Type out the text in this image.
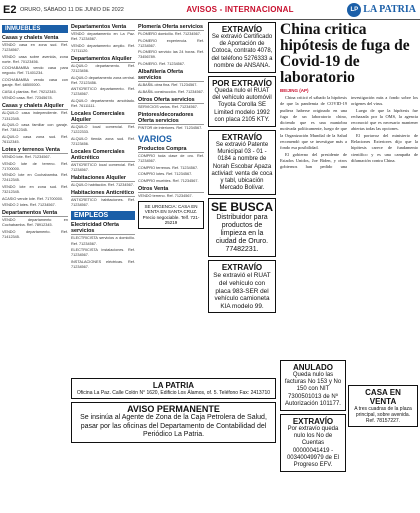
E2 ORURO, SÁBADO 11 DE JUNIO DE 2022	AVISOS - INTERNACIONAL	LP LA PATRIA
INMUEBLES
Casas y chalets Venta
VENDO casa en zona sud. Ref. 71234567.
VENDO casa sobre avenida, zona norte. Ref. 70123456.
COCHABAMBA vendo casa para negocio. Ref. 71401234.
COCHABAMBA vendo casa con garaje. Ref. 68500000.
CASA 4 plantas. Ref. 79212345.
VENDO casa. Ref. 72345678.
Casas y chalets Alquiler
ALQUILO casa independiente. Ref. 71312345.
ALQUILO casa familiar con garaje. Ref. 73812345.
ALQUILO casa zona sud. Ref. 76112345.
Lotes y terrenos Venta
VENDO lote. Ref. 71234567.
VENDO lote de terreno. Ref. 71700000.
VENDO lote en Cochabamba. Ref. 72412345.
VENDO lote en zona sud. Ref. 73212345.
ACASIO vende lote. Ref. 71700000.
VENDO 2 lotes. Ref. 71234567.
Departamentos Venta
VENDO departamento en Cochabamba. Ref. 78912345.
VENDO departamento. Ref. 71412345.
Departamentos Venta
VENDO departamento en La Paz. Ref. 71234567.
VENDO departamento amplio. Ref. 71711120.
Departamentos Alquiler
ALQUILO departamento. Ref. 72123456.
ALQUILO departamento zona central. Ref. 72123456.
ANTICRETICO departamento. Ref. 71234567.
ALQUILO departamento amoblado. Ref. 76111111.
Locales Comerciales Alquiler
ALQUILO local comercial. Ref. 71222333.
ALQUILO tienda zona sud. Ref. 72123456.
Locales Comerciales Anticrético
ANTICRETICO local comercial. Ref. 71234567.
Habitaciones Alquiler
ALQUILO habitación. Ref. 71234567.
Habitaciones Anticrético
ANTICRETICO habitaciones. Ref. 71234567.
EMPLEOS
Electricidad Oferta servicios
ELECTRICISTA servicios a domicilio. Ref. 71234567.
ELECTRICISTA instalaciones. Ref. 71234567.
INSTALACIONES eléctricas. Ref. 71234567.
Plomería Oferta servicios
PLOMERO domicilio. Ref. 71234567.
PLOMERO experiencia. Ref. 71234567.
PLOMERO servicio las 24 horas. Ref. 73456789.
PLOMERO. Ref. 71234567.
Albañilería Oferta servicios
ALBAÑIL obra fina. Ref. 71234567.
ALBAÑIL construcción. Ref. 71234567.
Otros Oferta servicios
SERVICIOS varios. Ref. 71234567.
Pintores/decoradores Oferta servicios
PINTOR de interiores. Ref. 71234567.
VARIOS
Productos Compra
COMPRO toda clase de oro. Ref. 71234567.
COMPRO terrenos. Ref. 71234567.
COMPRO lotes. Ref. 71234567.
COMPRO muebles. Ref. 71234567.
Otros Venta
VENDO terreno. Ref. 71234567.
SE URGENCIA: CASA EN VENTA EN SANTA CRUZ. Precio negociable. Telf. 721-25219
EXTRAVÍO
Se extravió Certificado de Aportación de Cotoca, contrato 4078, del teléfono 5276333 a nombre de ANSANA.
POR EXTRAVÍO
Queda nulo el RUAT del vehículo automóvil Toyota Corolla SE Limited modelo 1992 con placa 2105 KTY.
EXTRAVÍO
Se extravió Patente Municipal 03 - 01 - 0184 a nombre de Norah Escobar Apaza activiad: venta de coca y tabl, ubicación Mercado Bolívar.
SE BUSCA
Distribuidor para productos de limpieza en la ciudad de Oruro. 77482231.
EXTRAVÍO
Se extravió el RUAT del vehículo con placa 983-SER del vehículo camioneta KIA modelo 99.
China critica hipótesis de fuga de Covid-19 de laboratorio
BEIJING (AP)

China criticó el sábado la hipótesis de que la pandemia de COVID-19 pudiera haberse originado en una fuga de un laboratorio chino, diciendo que es una maniobra motivada políticamente, luego de que la Organización Mundial de la Salud recomendó que se investigue más a fondo esa posibilidad.

El gobierno del presidente de Estados Unidos, Joe Biden, y otros gobiernos han pedido una investigación más a fondo sobre los orígenes del virus.

Luego de que la hipótesis fue rechazada por la OMS, la agencia reconoció que es necesario mantener abiertas todas las opciones.

El portavoz del ministerio de Relaciones Exteriores dijo que la hipótesis carece de fundamento científico y es una campaña de difamación contra China.

CASA EN VENTA
A tres cuadras de la plaza principal, sobre avenida. Ref. 78157227.
ANULADO
Queda nulo las facturas No 153 y No 150 con NIT 7300501013 de Nº Autorización 101177.
EXTRAVÍO
Por extravío queda nulo los No de Cuentas 00000041419 - 00340049979 de El Progreso EFV.
LA PATRIA
Oficina La Paz. Calle Colón N° 1620, Edificio Los Álamos, of. 5. Teléfono Fax: 2413710
AVISO PERMANENTE
Se insinúa al Agente de Zona de la Caja Petrolera de Salud, pasar por las oficinas del Departamento de Contabilidad del Periódico La Patria.
